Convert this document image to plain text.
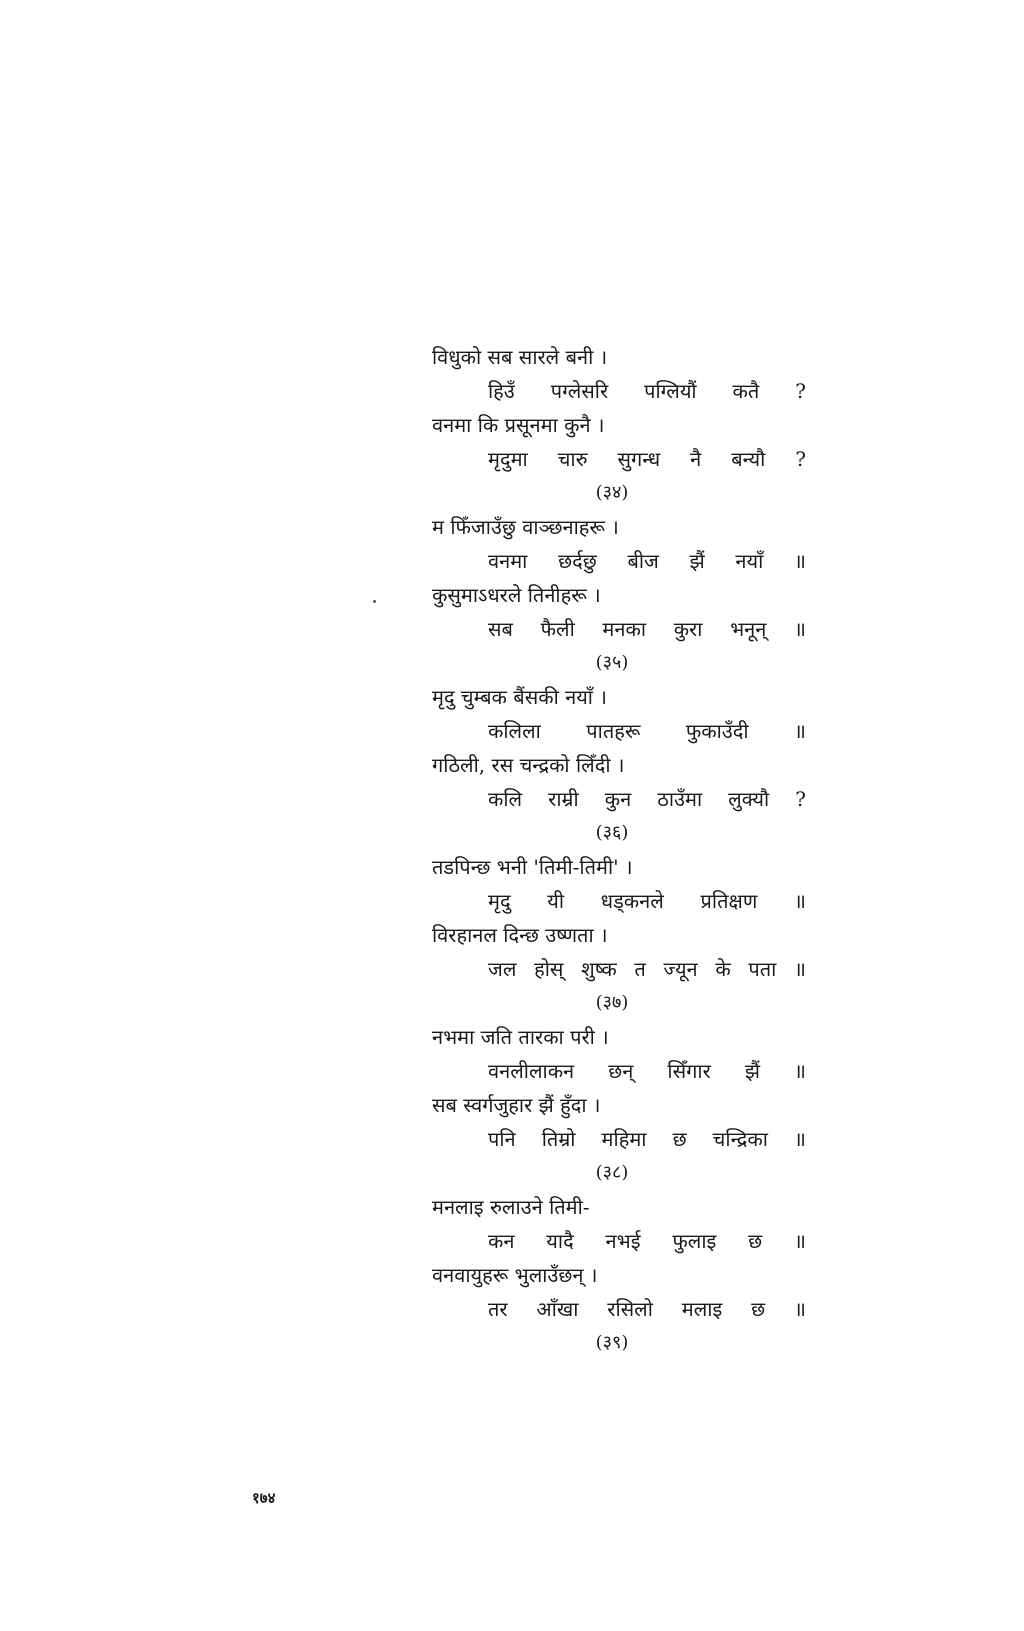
विधुको सब सारले बनी ।
हिउँ पग्लेसरि पग्लियौं कतै ?
वनमा कि प्रसूनमा कुनै ।
मृदुमा चारु सुगन्ध नै बन्यौ ?
(३४)
म फिँजाउँछु वाञ्छनाहरू ।
वनमा छर्दछु बीज झैं नयाँ ॥
कुसुमाऽधरले तिनीहरू ।
सब फैली मनका कुरा भनून् ॥
(३५)
मृदु चुम्बक बैंसकी नयाँ ।
कलिला पातहरू फुकाउँदी ॥
गठिली, रस चन्द्रको लिँदी ।
कलि राम्री कुन ठाउँमा लुक्यौ ?
(३६)
तडपिन्छ भनी 'तिमी-तिमी' ।
मृदु यी धड्कनले प्रतिक्षण ॥
विरहानल दिन्छ उष्णता ।
जल होस् शुष्क त ज्यून के पता ॥
(३७)
नभमा जति तारका परी ।
वनलीलाकन छन् सिँगार झैं ॥
सब स्वर्गजुहार झैं हुँदा ।
पनि तिम्रो महिमा छ चन्द्रिका ॥
(३८)
मनलाइ रुलाउने तिमी-
कन यादै नभई फुलाइ छ ॥
वनवायुहरू भुलाउँछन् ।
तर आँखा रसिलो मलाइ छ ॥
(३९)
१७४
